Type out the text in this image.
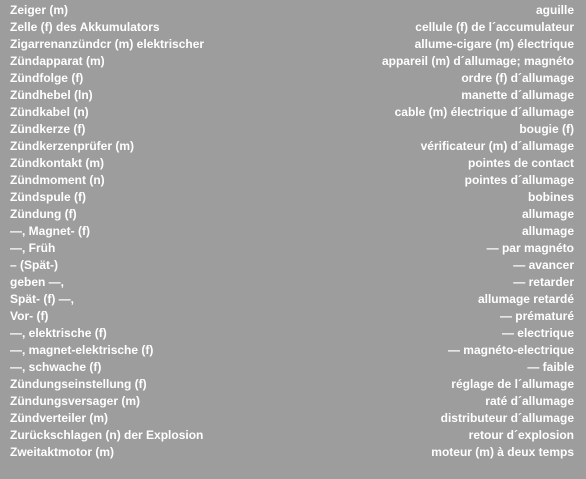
Zeiger (m)	aguille
Zelle (f) des Akkumulators	cellule (f) de l´accumulateur
Zigarrenanzündcr (m) elektrischer	allume-cigare (m) électrique
Zündapparat (m)	appareil (m) d´allumage; magnéto
Zündfolge (f)	ordre (f) d´allumage
Zündhebel (ln)	manette d´allumage
Zündkabel (n)	cable (m) électrique d´allumage
Zündkerze (f)	bougie (f)
Zündkerzenprüfer (m)	vérificateur (m) d´allumage
Zündkontakt (m)	pointes de contact
Zündmoment (n)	pointes d´allumage
Zündspule (f)	bobines
Zündung (f)	allumage
—, Magnet- (f)	allumage
—, Früh	— par magnéto
– (Spät-)	— avancer
geben —,	— retarder
Spät- (f) —,	allumage retardé
Vor- (f)	— prématuré
—, elektrische (f)	— electrique
—, magnet-elektrische (f)	— magnéto-electrique
—, schwache (f)	— faible
Zündungseinstellung (f)	réglage de l´allumage
Zündungsversager (m)	raté d´allumage
Zündverteiler (m)	distributeur d´allumage
Zurückschlagen (n) der Explosion	retour d´explosion
Zweitaktmotor (m)	moteur (m) à deux temps
